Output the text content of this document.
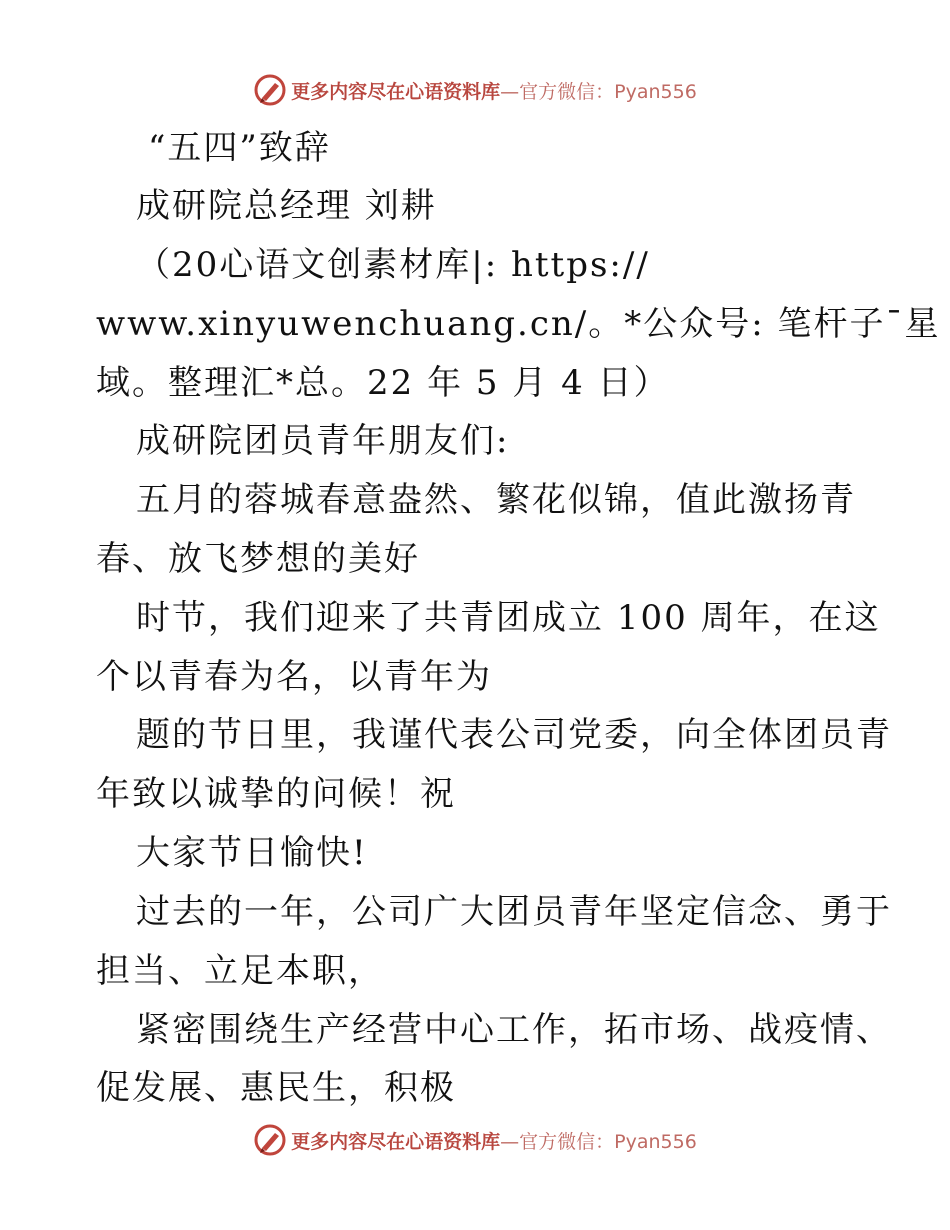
更多内容尽在心语资料库—官方微信：Pyan556
“五四”致辞
成研院总经理 刘耕
（20心语文创素材库|: https://
www.xinyuwenchuang.cn/。*公众号: 笔杆子¯星
域。整理汇*总。22 年 5 月 4 日）
成研院团员青年朋友们:
五月的蓉城春意盎然、繁花似锦，值此激扬青
春、放飞梦想的美好
时节，我们迎来了共青团成立 100 周年，在这
个以青春为名，以青年为
题的节日里，我谨代表公司党委，向全体团员青
年致以诚挚的问候！祝
大家节日愉快!
过去的一年，公司广大团员青年坚定信念、勇于
担当、立足本职，
紧密围绕生产经营中心工作，拓市场、战疫情、
促发展、惠民生，积极
更多内容尽在心语资料库—官方微信：Pyan556
